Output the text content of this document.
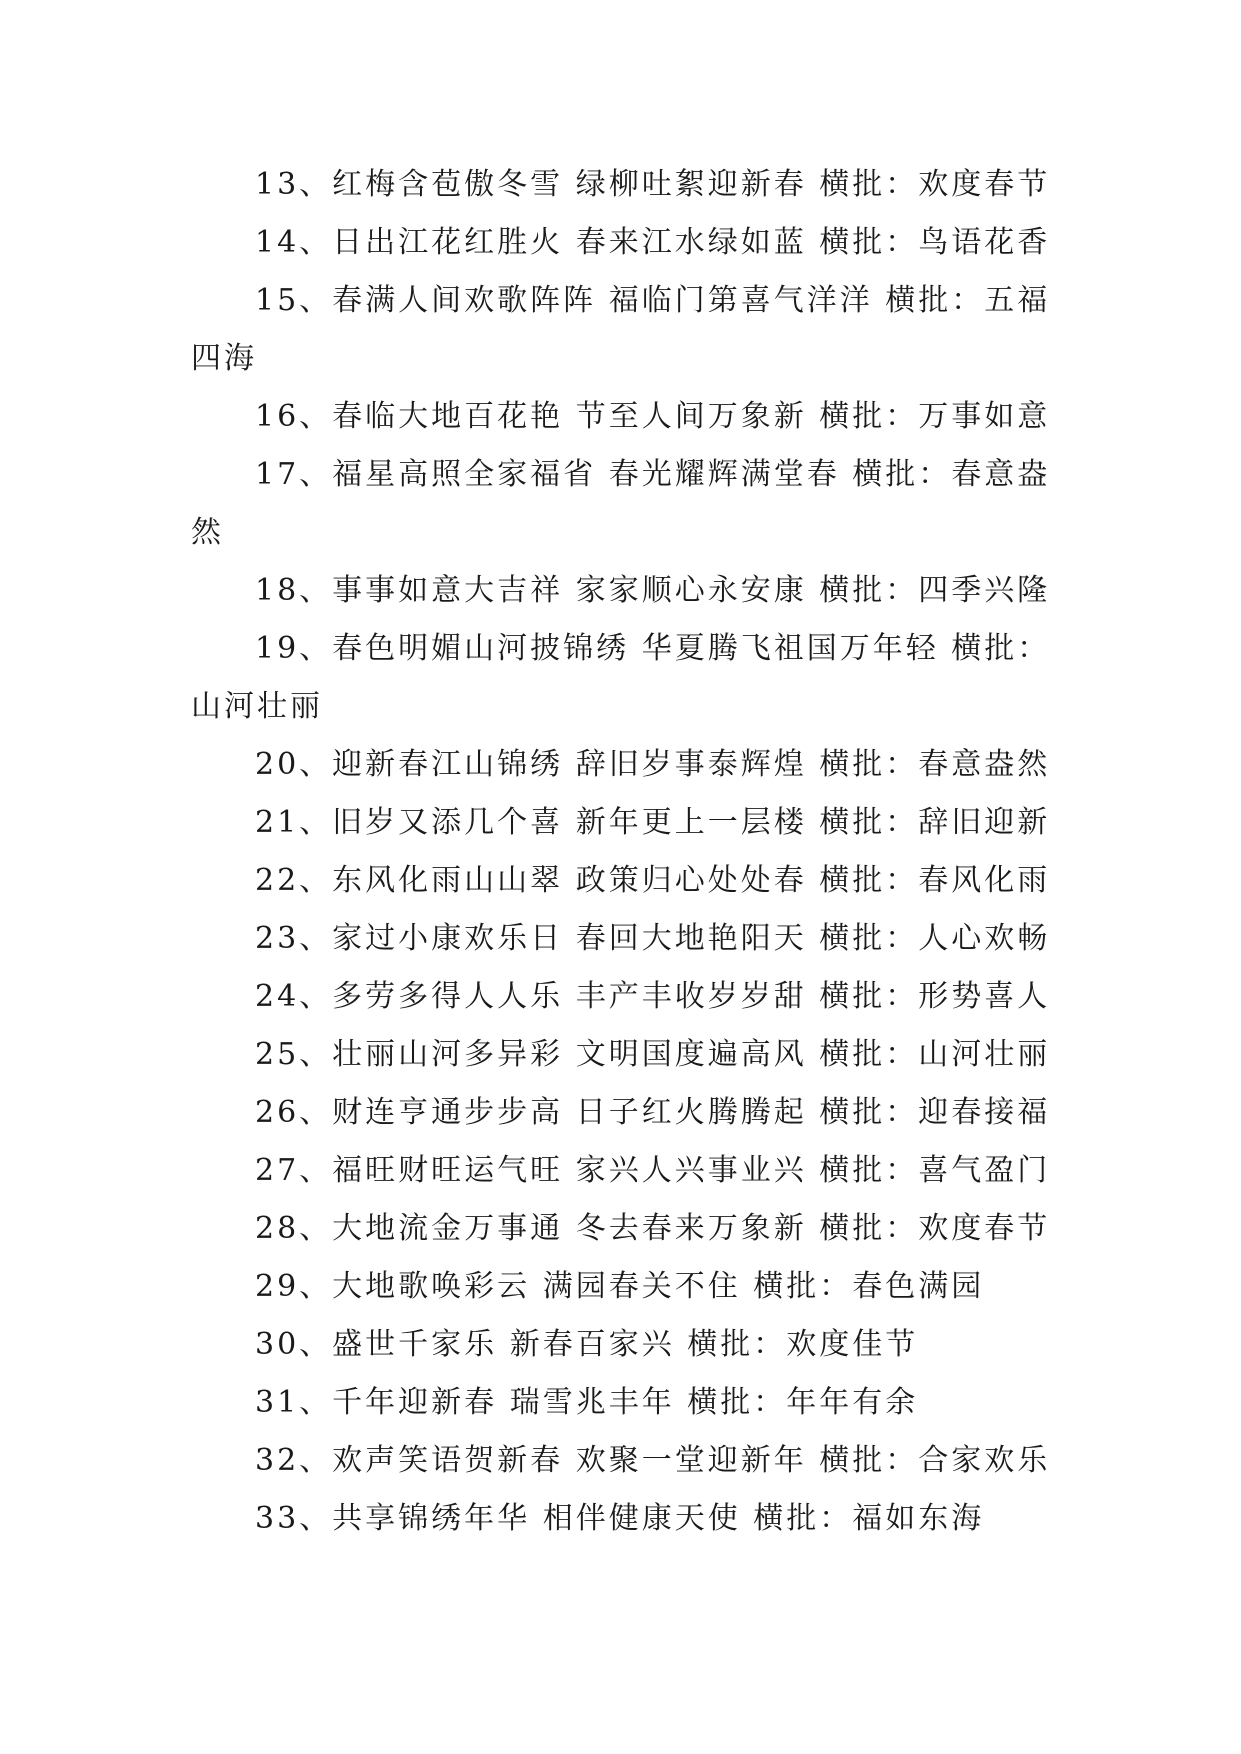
13、红梅含苞傲冬雪 绿柳吐絮迎新春 横批：欢度春节

14、日出江花红胜火 春来江水绿如蓝 横批：鸟语花香

15、春满人间欢歌阵阵 福临门第喜气洋洋 横批：五福四海

16、春临大地百花艳 节至人间万象新 横批：万事如意

17、福星高照全家福省 春光耀辉满堂春 横批：春意盎然

18、事事如意大吉祥 家家顺心永安康 横批：四季兴隆

19、春色明媚山河披锦绣 华夏腾飞祖国万年轻 横批：山河壮丽

20、迎新春江山锦绣 辞旧岁事泰辉煌 横批：春意盎然

21、旧岁又添几个喜 新年更上一层楼 横批：辞旧迎新

22、东风化雨山山翠 政策归心处处春 横批：春风化雨

23、家过小康欢乐日 春回大地艳阳天 横批：人心欢畅

24、多劳多得人人乐 丰产丰收岁岁甜 横批：形势喜人

25、壮丽山河多异彩 文明国度遍高风 横批：山河壮丽

26、财连亨通步步高 日子红火腾腾起 横批：迎春接福

27、福旺财旺运气旺 家兴人兴事业兴 横批：喜气盈门

28、大地流金万事通 冬去春来万象新 横批：欢度春节

29、大地歌唤彩云 满园春关不住 横批：春色满园

30、盛世千家乐 新春百家兴 横批：欢度佳节

31、千年迎新春 瑞雪兆丰年 横批：年年有余

32、欢声笑语贺新春 欢聚一堂迎新年 横批：合家欢乐

33、共享锦绣年华 相伴健康天使 横批：福如东海
